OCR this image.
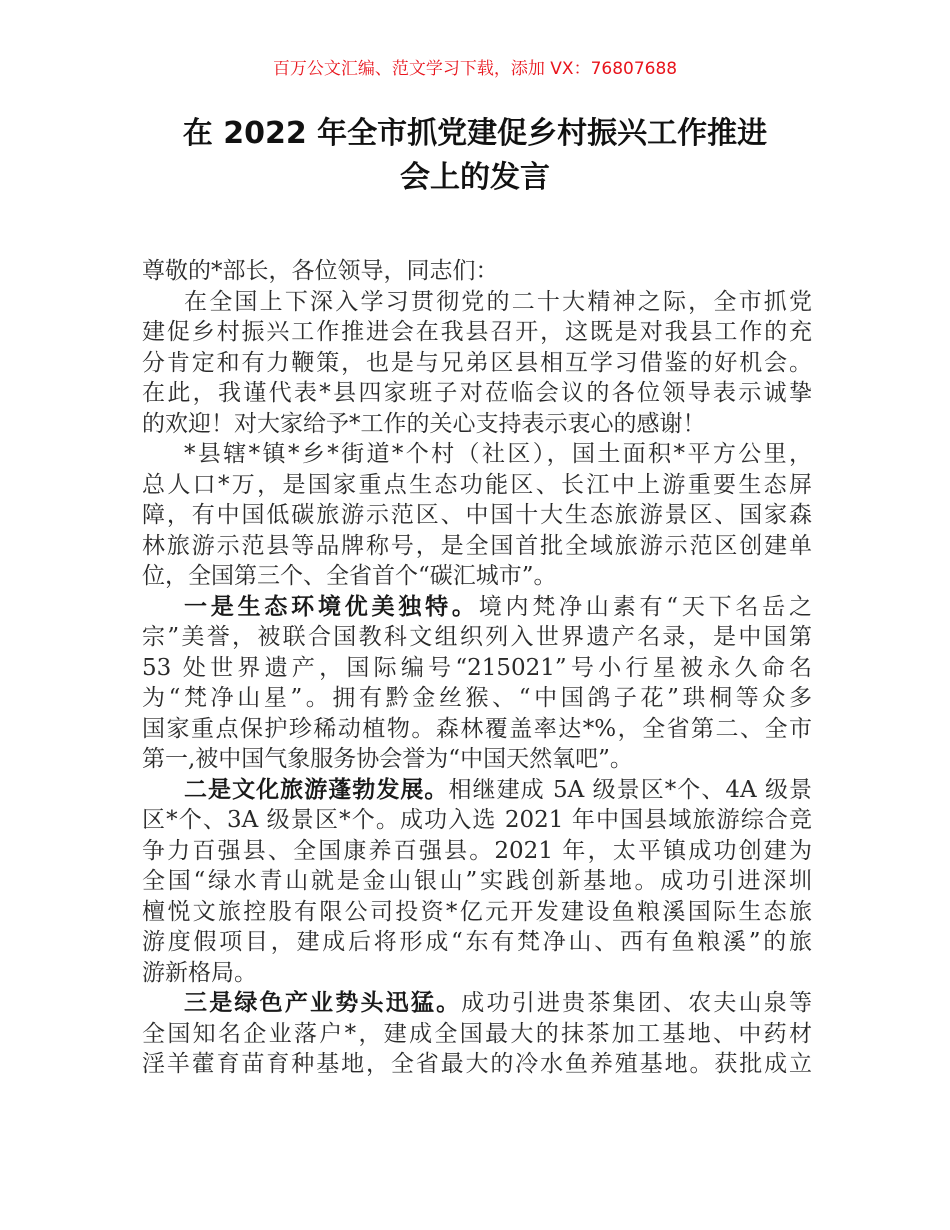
百万公文汇编、范文学习下载，添加 VX：76807688
在 2022 年全市抓党建促乡村振兴工作推进
会上的发言
尊敬的*部长，各位领导，同志们：
在全国上下深入学习贯彻党的二十大精神之际，全市抓党
建促乡村振兴工作推进会在我县召开，这既是对我县工作的充
分肯定和有力鞭策，也是与兄弟区县相互学习借鉴的好机会。
在此，我谨代表*县四家班子对莅临会议的各位领导表示诚挚
的欢迎！对大家给予*工作的关心支持表示衷心的感谢！
*县辖*镇*乡*街道*个村（社区），国土面积*平方公里，
总人口*万，是国家重点生态功能区、长江中上游重要生态屏
障，有中国低碳旅游示范区、中国十大生态旅游景区、国家森
林旅游示范县等品牌称号，是全国首批全域旅游示范区创建单
位，全国第三个、全省首个“碳汇城市”。
一是生态环境优美独特。境内梵净山素有“天下名岳之
宗”美誉，被联合国教科文组织列入世界遗产名录，是中国第
53 处世界遗产，国际编号“215021”号小行星被永久命名
为“梵净山星”。拥有黔金丝猴、“中国鸽子花”珙桐等众多
国家重点保护珍稀动植物。森林覆盖率达*%，全省第二、全市
第一,被中国气象服务协会誉为“中国天然氧吧”。
二是文化旅游蓬勃发展。相继建成 5A 级景区*个、4A 级景
区*个、3A 级景区*个。成功入选 2021 年中国县域旅游综合竞
争力百强县、全国康养百强县。2021 年，太平镇成功创建为
全国“绿水青山就是金山银山”实践创新基地。成功引进深圳
檀悦文旅控股有限公司投资*亿元开发建设鱼粮溪国际生态旅
游度假项目，建成后将形成“东有梵净山、西有鱼粮溪”的旅
游新格局。
三是绿色产业势头迅猛。成功引进贵茶集团、农夫山泉等
全国知名企业落户*，建成全国最大的抹茶加工基地、中药材
淫羊藿育苗育种基地，全省最大的冷水鱼养殖基地。获批成立
